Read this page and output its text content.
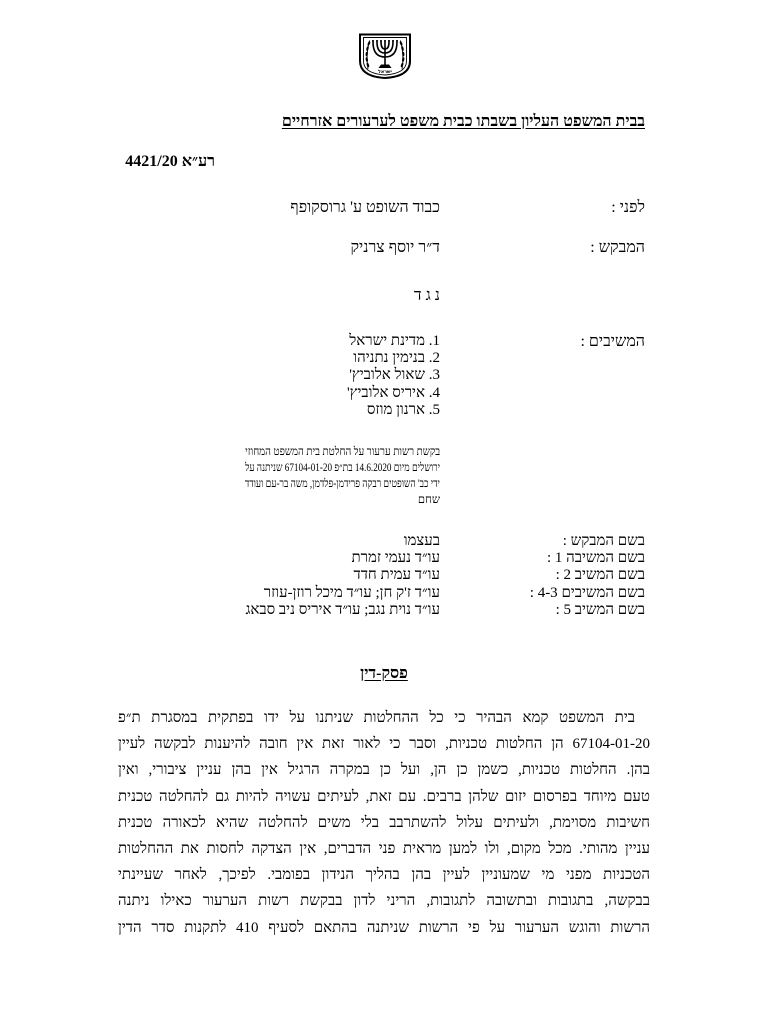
ישראל
בבית המשפט העליון בשבתו כבית משפט לערעורים אזרחיים
רע״א 4421/20
לפני :
כבוד השופט ע' גרוסקופף
המבקש :
ד״ר יוסף צרניק
נ ג ד
המשיבים :
1. מדינת ישראל
2. בנימין נתניהו
3. שאול אלוביץ'
4. איריס אלוביץ'
5. ארנון מוזס
בקשת רשות ערעור על החלטת בית המשפט המחוזי
ירושלים מיום 14.6.2020 בת״פ 67104-01-20 שניתנה על
ידי כב' השופטים רבקה פרידמן-פלדמן, משה בר-עם ועודד
שחם
בשם המבקש :
בשם המשיבה 1 :
בשם המשיב 2 :
בשם המשיבים 4-3 :
בשם המשיב 5 :
בעצמו
עו״ד נעמי זמרת
עו״ד עמית חדד
עו״ד ז'ק חן; עו״ד מיכל רוזן-עוזר
עו״ד נוית נגב; עו״ד איריס ניב סבאג
פסק-דין
בית המשפט קמא הבהיר כי כל ההחלטות שניתנו על ידו בפתקית במסגרת ת״פ
67104-01-20 הן החלטות טכניות, וסבר כי לאור זאת אין חובה להיענות לבקשה לעיין
בהן. החלטות טכניות, כשמן כן הן, ועל כן במקרה הרגיל אין בהן עניין ציבורי, ואין
טעם מיוחד בפרסום יזום שלהן ברבים. עם זאת, לעיתים עשויה להיות גם להחלטה טכנית
חשיבות מסוימת, ולעיתים עלול להשתרבב בלי משים להחלטה שהיא לכאורה טכנית
עניין מהותי. מכל מקום, ולו למען מראית פני הדברים, אין הצדקה לחסות את ההחלטות
הטכניות מפני מי שמעוניין לעיין בהן בהליך הנידון בפומבי. לפיכך, לאחר שעיינתי
בבקשה, בתגובות ובתשובה לתגובות, הריני לדון בבקשת רשות הערעור כאילו ניתנה
הרשות והוגש הערעור על פי הרשות שניתנה בהתאם לסעיף 410 לתקנות סדר הדין
